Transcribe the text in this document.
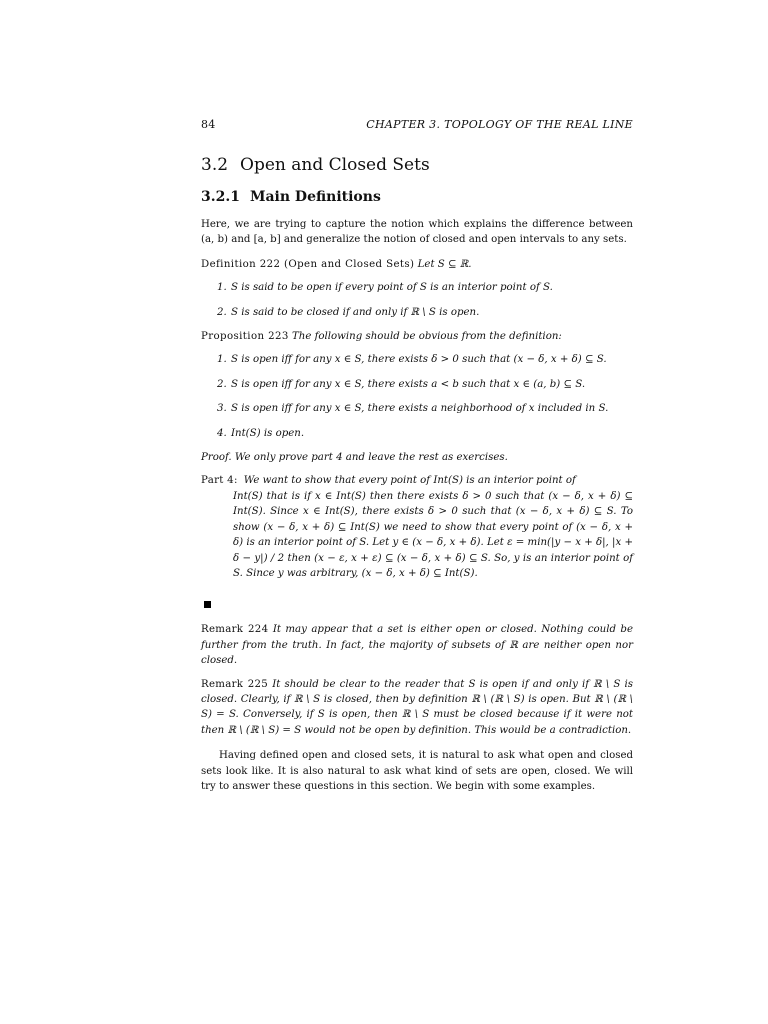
84	CHAPTER 3. TOPOLOGY OF THE REAL LINE
3.2 Open and Closed Sets
3.2.1 Main Definitions

Here, we are trying to capture the notion which explains the difference between (a, b) and [a, b] and generalize the notion of closed and open intervals to any sets.

Definition 222 (Open and Closed Sets) Let S ⊆ ℝ.
1. S is said to be open if every point of S is an interior point of S.
2. S is said to be closed if and only if ℝ \ S is open.
Proposition 223 The following should be obvious from the definition:
1. S is open iff for any x ∈ S, there exists δ > 0 such that (x − δ, x + δ) ⊆ S.
2. S is open iff for any x ∈ S, there exists a < b such that x ∈ (a, b) ⊆ S.
3. S is open iff for any x ∈ S, there exists a neighborhood of x included in S.
4. Int(S) is open.
Proof. We only prove part 4 and leave the rest as exercises.
Part 4: We want to show that every point of Int(S) is an interior point of
Int(S) that is if x ∈ Int(S) then there exists δ > 0 such that (x − δ, x + δ) ⊆ Int(S). Since x ∈ Int(S), there exists δ > 0 such that (x − δ, x + δ) ⊆ S. To show (x − δ, x + δ) ⊆ Int(S) we need to show that every point of (x − δ, x + δ) is an interior point of S. Let y ∈ (x − δ, x + δ). Let ε = min(|y − x + δ|, |x + δ − y|) / 2 then (x − ε, x + ε) ⊆ (x − δ, x + δ) ⊆ S. So, y is an interior point of S. Since y was arbitrary, (x − δ, x + δ) ⊆ Int(S).

Remark 224 It may appear that a set is either open or closed. Nothing could be further from the truth. In fact, the majority of subsets of ℝ are neither open nor closed.

Remark 225 It should be clear to the reader that S is open if and only if ℝ \ S is closed. Clearly, if ℝ \ S is closed, then by definition ℝ \ (ℝ \ S) is open. But ℝ \ (ℝ \ S) = S. Conversely, if S is open, then ℝ \ S must be closed because if it were not then ℝ \ (ℝ \ S) = S would not be open by definition. This would be a contradiction.

Having defined open and closed sets, it is natural to ask what open and closed sets look like. It is also natural to ask what kind of sets are open, closed. We will try to answer these questions in this section. We begin with some examples.
